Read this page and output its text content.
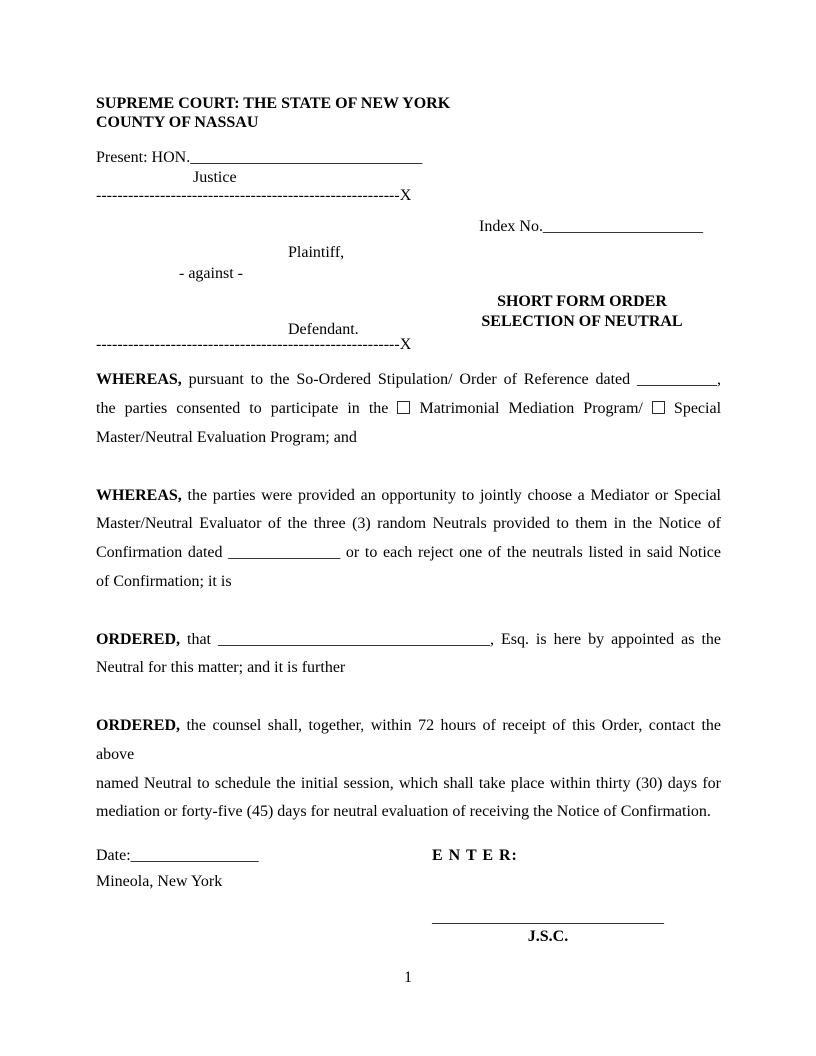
SUPREME COURT: THE STATE OF NEW YORK
COUNTY OF NASSAU
Present: HON._____________________________
Justice
---------------------------------------------------------X
Index No.____________________
Plaintiff,
- against -
SHORT FORM ORDER
SELECTION OF NEUTRAL
Defendant.
---------------------------------------------------------X
WHEREAS, pursuant to the So-Ordered Stipulation/ Order of Reference dated __________,
the parties consented to participate in the  Matrimonial Mediation Program/  Special
Master/Neutral Evaluation Program; and
WHEREAS, the parties were provided an opportunity to jointly choose a Mediator or Special
Master/Neutral Evaluator of the three (3) random Neutrals provided to them in the Notice of
Confirmation dated ______________ or to each reject one of the neutrals listed in said Notice
of Confirmation; it is
ORDERED, that __________________________________, Esq. is here by appointed as the
Neutral for this matter; and it is further
ORDERED, the counsel shall, together, within 72 hours of receipt of this Order, contact the above
named Neutral to schedule the initial session, which shall take place within thirty (30) days for
mediation or forty-five (45) days for neutral evaluation of receiving the Notice of Confirmation.
Date:________________
Mineola, New York
E N T E R:
_____________________________
J.S.C.
1
